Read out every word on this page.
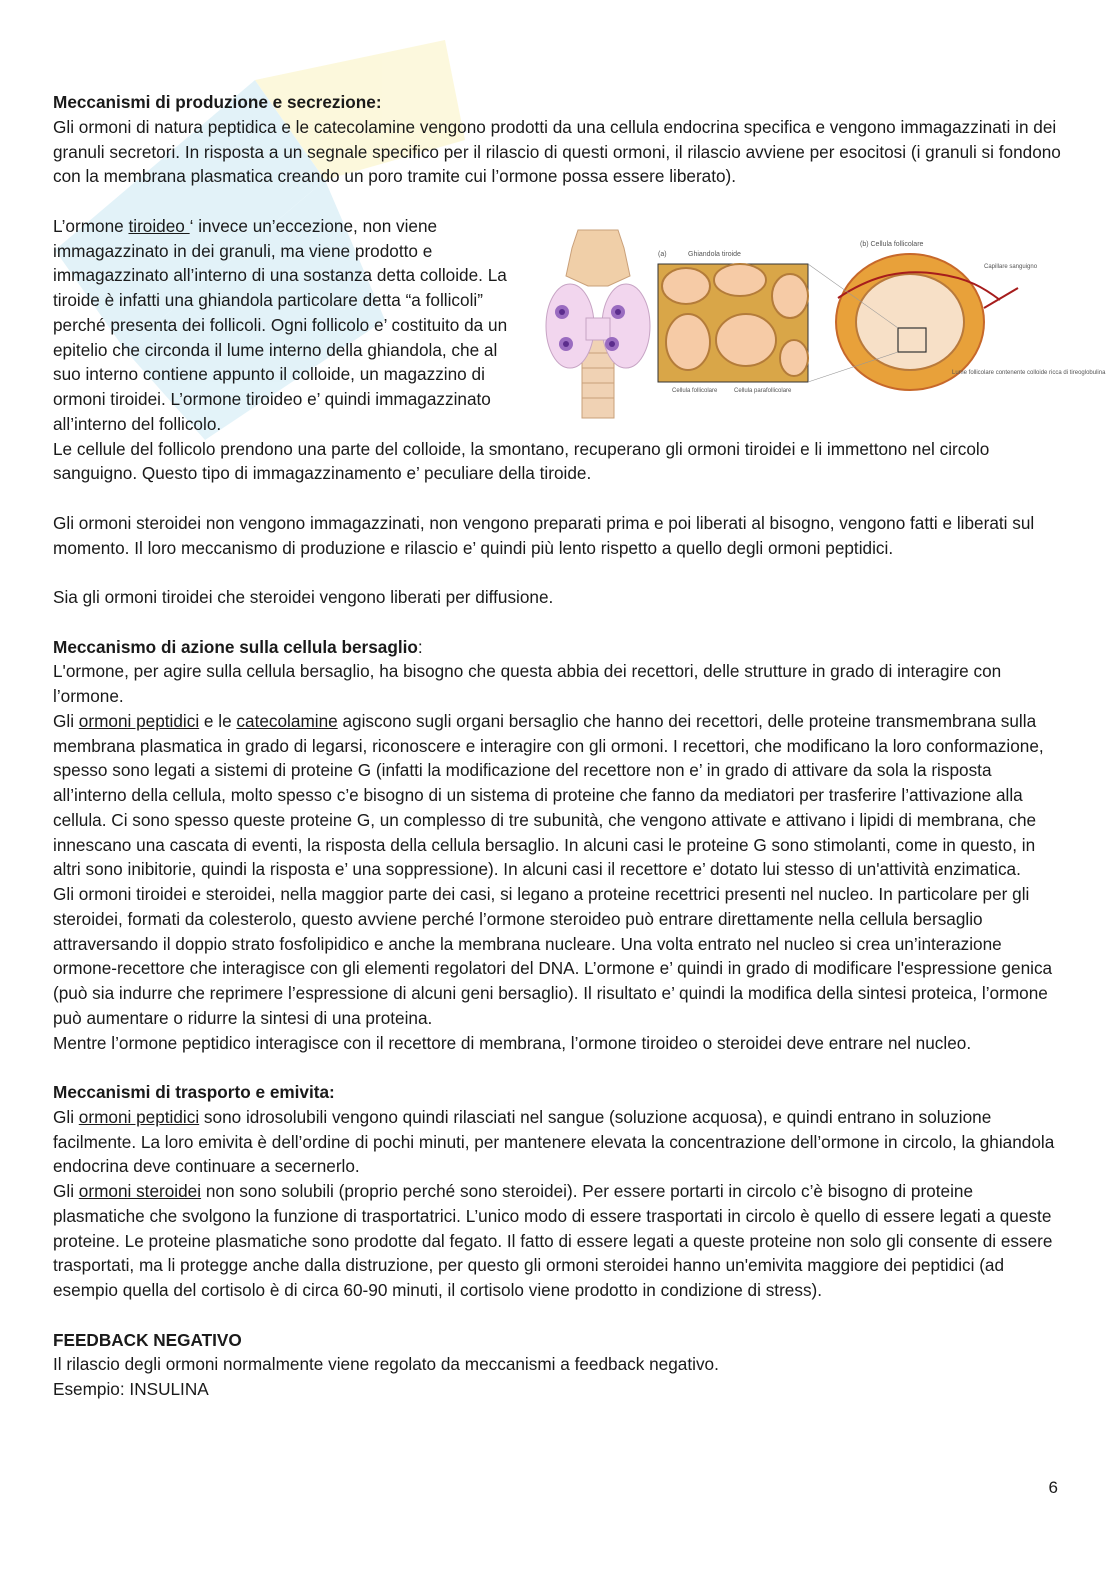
Meccanismi di produzione e secrezione:

Gli ormoni di natura peptidica e le catecolamine vengono prodotti da una cellula endocrina specifica e vengono immagazzinati in dei granuli secretori. In risposta a un segnale specifico per il rilascio di questi ormoni, il rilascio avviene per esocitosi (i granuli si fondono con la membrana plasmatica creando un poro tramite cui l’ormone possa essere liberato).

L’ormone tiroideo ‘ invece un’eccezione, non viene immagazzinato in dei granuli, ma viene prodotto e immagazzinato all’interno di una sostanza detta colloide. La tiroide è infatti una ghiandola particolare detta “a follicoli” perché presenta dei follicoli. Ogni follicolo e’ costituito da un epitelio che circonda il lume interno della ghiandola, che al suo interno contiene appunto il colloide, un magazzino di ormoni tiroidei. L’ormone tiroideo e’ quindi immagazzinato all’interno del follicolo.

Le cellule del follicolo prendono una parte del colloide, la smontano, recuperano gli ormoni tiroidei e li immettono nel circolo sanguigno. Questo tipo di immagazzinamento e’ peculiare della tiroide.

Gli ormoni steroidei non vengono immagazzinati, non vengono preparati prima e poi liberati al bisogno, vengono fatti e liberati sul momento. Il loro meccanismo di produzione e rilascio e’ quindi più lento rispetto a quello degli ormoni peptidici.

Sia gli ormoni tiroidei che steroidei vengono liberati per diffusione.

Meccanismo di azione sulla cellula bersaglio:

L'ormone, per agire sulla cellula bersaglio, ha bisogno che questa abbia dei recettori, delle strutture in grado di interagire con l’ormone.

Gli ormoni peptidici e le catecolamine agiscono sugli organi bersaglio che hanno dei recettori, delle proteine transmembrana sulla membrana plasmatica in grado di legarsi, riconoscere e interagire con gli ormoni. I recettori, che modificano la loro conformazione, spesso sono legati a sistemi di proteine G (infatti la modificazione del recettore non e’ in grado di attivare da sola la risposta all’interno della cellula, molto spesso c’e bisogno di un sistema di proteine che fanno da mediatori per trasferire l’attivazione alla cellula. Ci sono spesso queste proteine G, un complesso di tre subunità, che vengono attivate e attivano i lipidi di membrana, che innescano una cascata di eventi, la risposta della cellula bersaglio. In alcuni casi le proteine G sono stimolanti, come in questo, in altri sono inibitorie, quindi la risposta e’ una soppressione). In alcuni casi il recettore e’ dotato lui stesso di un'attività enzimatica.

Gli ormoni tiroidei e steroidei, nella maggior parte dei casi, si legano a proteine recettrici presenti nel nucleo. In particolare per gli steroidei, formati da colesterolo, questo avviene perché l’ormone steroideo può entrare direttamente nella cellula bersaglio attraversando il doppio strato fosfolipidico e anche la membrana nucleare. Una volta entrato nel nucleo si crea un’interazione ormone-recettore che interagisce con gli elementi regolatori del DNA. L’ormone e’ quindi in grado di modificare l'espressione genica (può sia indurre che reprimere l’espressione di alcuni geni bersaglio). Il risultato e’ quindi la modifica della sintesi proteica, l’ormone può aumentare o ridurre la sintesi di una proteina.

Mentre l’ormone peptidico interagisce con il recettore di membrana, l’ormone tiroideo o steroidei deve entrare nel nucleo.

Meccanismi di trasporto e emivita:

Gli ormoni peptidici sono idrosolubili vengono quindi rilasciati nel sangue (soluzione acquosa), e quindi entrano in soluzione facilmente. La loro emivita è dell’ordine di pochi minuti, per mantenere elevata la concentrazione dell’ormone in circolo, la ghiandola endocrina deve continuare a secernerlo.

Gli ormoni steroidei non sono solubili (proprio perché sono steroidei). Per essere portarti in circolo c’è bisogno di proteine plasmatiche che svolgono la funzione di trasportatrici. L’unico modo di essere trasportati in circolo è quello di essere legati a queste proteine. Le proteine plasmatiche sono prodotte dal fegato. Il fatto di essere legati a queste proteine non solo gli consente di essere trasportati, ma li protegge anche dalla distruzione, per questo gli ormoni steroidei hanno un'emivita maggiore dei peptidici (ad esempio quella del cortisolo è di circa 60-90 minuti, il cortisolo viene prodotto in condizione di stress).

FEEDBACK NEGATIVO

Il rilascio degli ormoni normalmente viene regolato da meccanismi a feedback negativo.

Esempio: INSULINA

(a)	Ghiandola tiroide
Cellula follicolare	Cellula parafollicolare
(b) Cellula follicolare
Capillare sanguigno
Lume follicolare contenente colloide ricca di tireoglobulina
6
